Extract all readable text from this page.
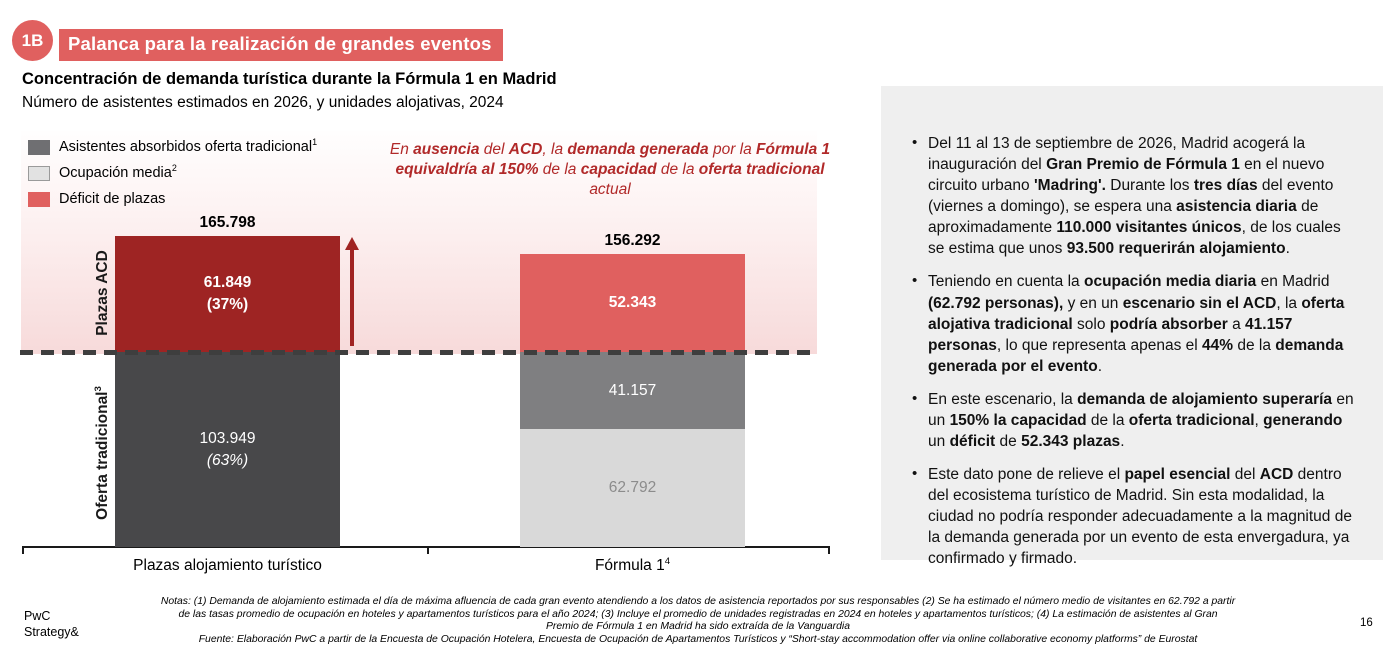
1B	Palanca para la realización de grandes eventos
Concentración de demanda turística durante la Fórmula 1 en Madrid
Número de asistentes estimados en 2026, y unidades alojativas, 2024
Asistentes absorbidos oferta tradicional$^1$
Ocupación media$^2$
Déficit de plazas
En ausencia del ACD, la demanda generada por la Fórmula 1 equivaldría al 150% de la capacidad de la oferta tradicional actual
165.798
61.849
(37%)
103.949
(63%)
156.292
52.343
41.157
62.792
Plazas ACD
Oferta tradicional$^3$
Plazas alojamiento turístico	Fórmula $1^4$
• Del 11 al 13 de septiembre de 2026, Madrid acogerá la inauguración del Gran Premio de Fórmula 1 en el nuevo circuito urbano 'Madring'. Durante los tres días del evento (viernes a domingo), se espera una asistencia diaria de aproximadamente 110.000 visitantes únicos, de los cuales se estima que unos 93.500 requerirán alojamiento.
• Teniendo en cuenta la ocupación media diaria en Madrid (62.792 personas), y en un escenario sin el ACD, la oferta alojativa tradicional solo podría absorber a 41.157 personas, lo que representa apenas el 44% de la demanda generada por el evento.
• En este escenario, la demanda de alojamiento superaría en un 150% la capacidad de la oferta tradicional, generando un déficit de 52.343 plazas.
• Este dato pone de relieve el papel esencial del ACD dentro del ecosistema turístico de Madrid. Sin esta modalidad, la ciudad no podría responder adecuadamente a la magnitud de la demanda generada por un evento de esta envergadura, ya confirmado y firmado.
PwC
Strategy&
Notas: (1) Demanda de alojamiento estimada el día de máxima afluencia de cada gran evento atendiendo a los datos de asistencia reportados por sus responsables (2) Se ha estimado el número medio de visitantes en 62.792 a partir
de las tasas promedio de ocupación en hoteles y apartamentos turísticos para el año 2024; (3) Incluye el promedio de unidades registradas en 2024 en hoteles y apartamentos turísticos; (4) La estimación de asistentes al Gran
Premio de Fórmula 1 en Madrid ha sido extraída de la Vanguardia
Fuente: Elaboración PwC a partir de la Encuesta de Ocupación Hotelera, Encuesta de Ocupación de Apartamentos Turísticos y “Short-stay accommodation offer via online collaborative economy platforms” de Eurostat
16
